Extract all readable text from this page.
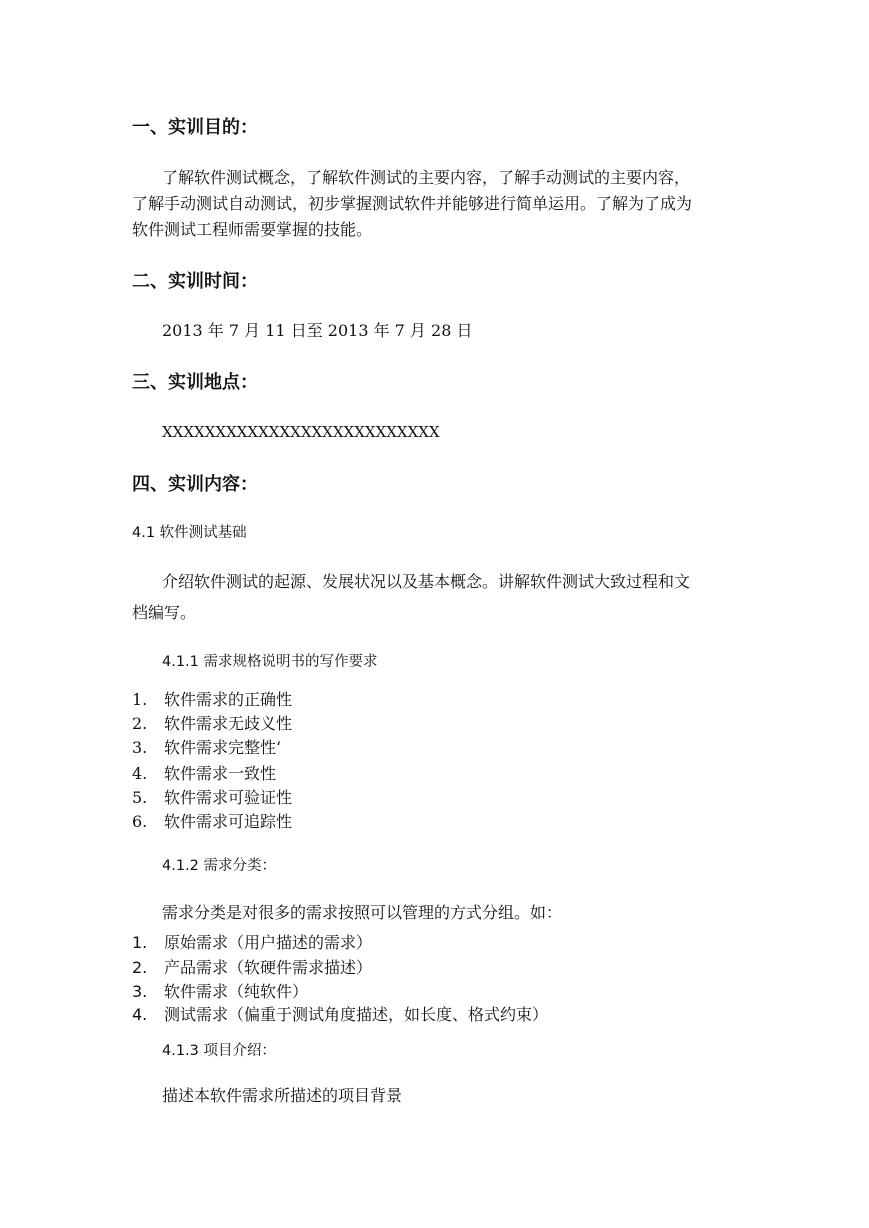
一、实训目的：
了解软件测试概念，了解软件测试的主要内容，了解手动测试的主要内容，
了解手动测试自动测试，初步掌握测试软件并能够进行简单运用。了解为了成为
软件测试工程师需要掌握的技能。
二、实训时间：
2013 年 7 月 11 日至 2013 年 7 月 28 日
三、实训地点：
XXXXXXXXXXXXXXXXXXXXXXXXXX
四、实训内容：
4.1 软件测试基础
介绍软件测试的起源、发展状况以及基本概念。讲解软件测试大致过程和文
档编写。
4.1.1 需求规格说明书的写作要求
1. 软件需求的正确性
2. 软件需求无歧义性
3. 软件需求完整性‘
4. 软件需求一致性
5. 软件需求可验证性
6. 软件需求可追踪性
4.1.2 需求分类：
需求分类是对很多的需求按照可以管理的方式分组。如：
1. 原始需求（用户描述的需求）
2. 产品需求（软硬件需求描述）
3. 软件需求（纯软件）
4. 测试需求（偏重于测试角度描述，如长度、格式约束）
4.1.3 项目介绍：
描述本软件需求所描述的项目背景
